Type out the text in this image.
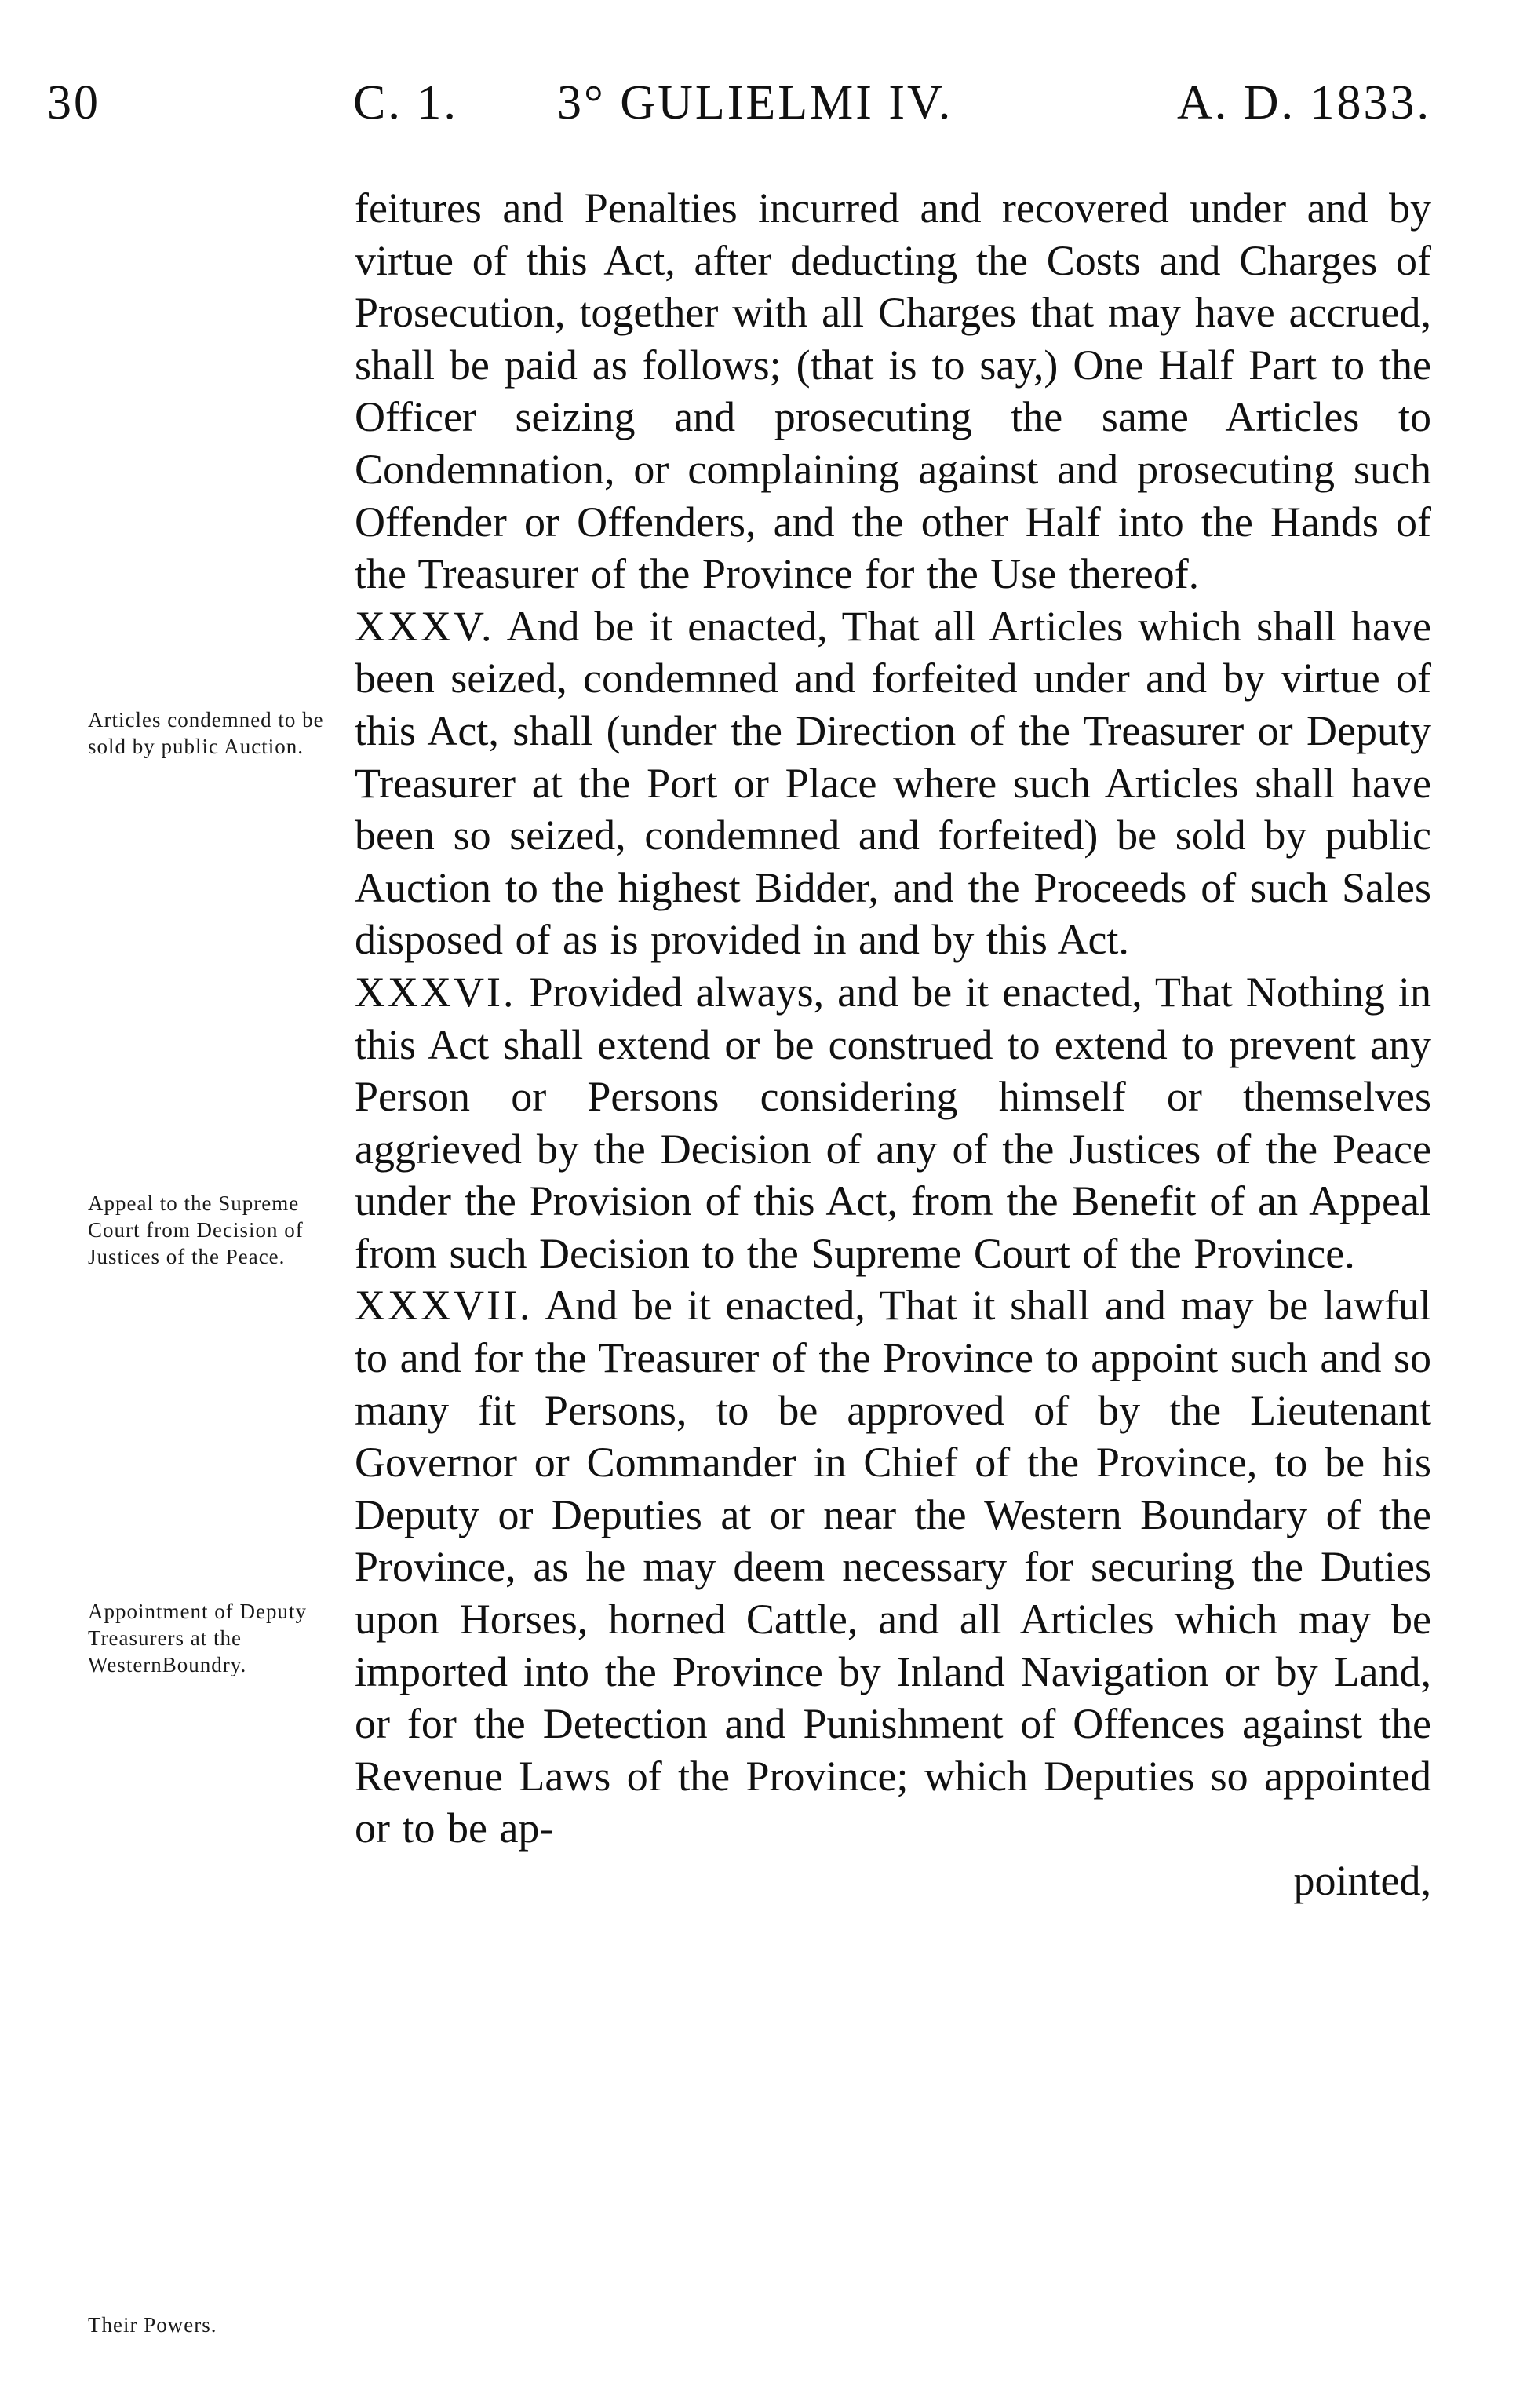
30	C. 1. 3° GULIELMI IV.	A. D. 1833.

feitures and Penalties incurred and recovered under and by virtue of this Act, after deducting the Costs and Charges of Prosecution, together with all Charges that may have accrued, shall be paid as follows; (that is to say,) One Half Part to the Officer seizing and prosecuting the same Articles to Condemnation, or complaining against and prosecuting such Offender or Offenders, and the other Half into the Hands of the Treasurer of the Province for the Use thereof.

XXXV. And be it enacted, That all Articles which shall have been seized, condemned and forfeited under and by virtue of this Act, shall (under the Direction of the Treasurer or Deputy Treasurer at the Port or Place where such Articles shall have been so seized, condemned and forfeited) be sold by public Auction to the highest Bidder, and the Proceeds of such Sales disposed of as is provided in and by this Act.

XXXVI. Provided always, and be it enacted, That Nothing in this Act shall extend or be construed to extend to prevent any Person or Persons considering himself or themselves aggrieved by the Decision of any of the Justices of the Peace under the Provision of this Act, from the Benefit of an Appeal from such Decision to the Supreme Court of the Province.

XXXVII. And be it enacted, That it shall and may be lawful to and for the Treasurer of the Province to appoint such and so many fit Persons, to be approved of by the Lieutenant Governor or Commander in Chief of the Province, to be his Deputy or Deputies at or near the Western Boundary of the Province, as he may deem necessary for securing the Duties upon Horses, horned Cattle, and all Articles which may be imported into the Province by Inland Navigation or by Land, or for the Detection and Punishment of Offences against the Revenue Laws of the Province; which Deputies so appointed or to be ap-

pointed,
Articles condemned to be sold by public Auction.
Appeal to the Supreme Court from Decision of Justices of the Peace.
Appointment of Deputy Treasurers at the WesternBoundry.
Their Powers.
